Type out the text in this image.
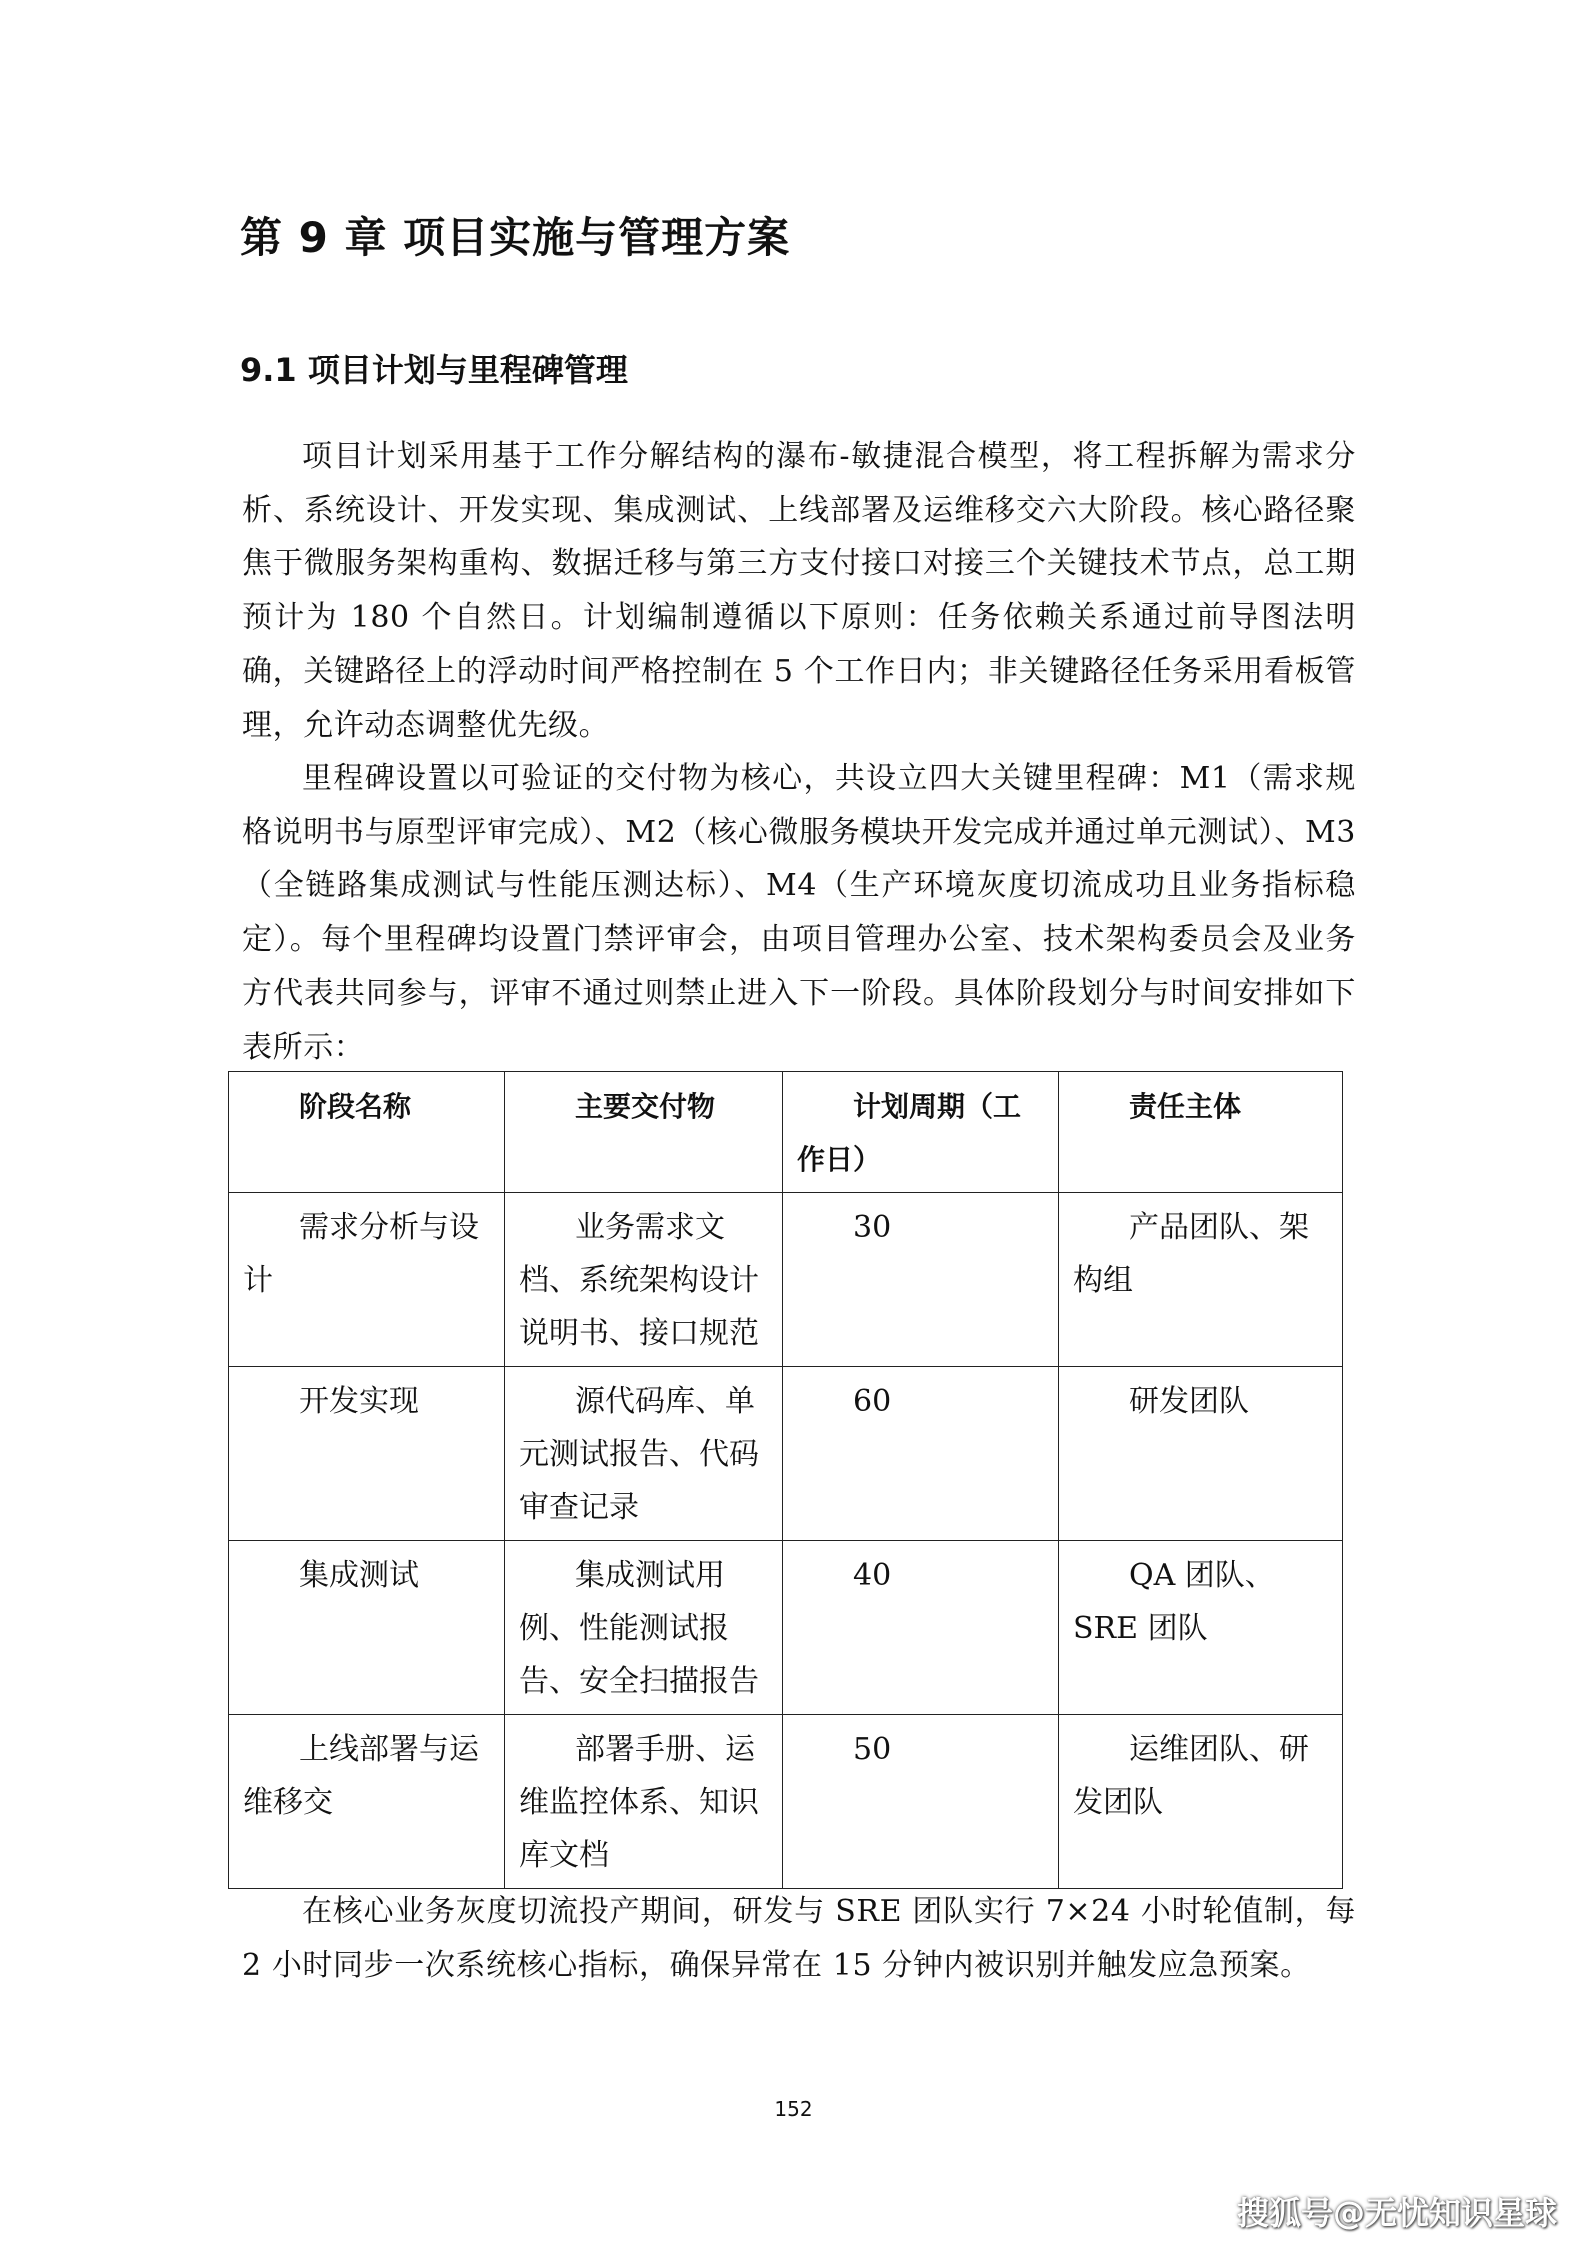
第 9 章 项目实施与管理方案
9.1 项目计划与里程碑管理

项目计划采用基于工作分解结构的瀑布-敏捷混合模型，将工程拆解为需求分析、系统设计、开发实现、集成测试、上线部署及运维移交六大阶段。核心路径聚焦于微服务架构重构、数据迁移与第三方支付接口对接三个关键技术节点，总工期预计为 180 个自然日。计划编制遵循以下原则：任务依赖关系通过前导图法明确，关键路径上的浮动时间严格控制在 5 个工作日内；非关键路径任务采用看板管理，允许动态调整优先级。

里程碑设置以可验证的交付物为核心，共设立四大关键里程碑：M1（需求规格说明书与原型评审完成）、M2（核心微服务模块开发完成并通过单元测试）、M3（全链路集成测试与性能压测达标）、M4（生产环境灰度切流成功且业务指标稳定）。每个里程碑均设置门禁评审会，由项目管理办公室、技术架构委员会及业务方代表共同参与，评审不通过则禁止进入下一阶段。具体阶段划分与时间安排如下表所示：

阶段名称	主要交付物	计划周期（工作日）	责任主体
需求分析与设计	业务需求文档、系统架构设计说明书、接口规范	30	产品团队、架构组
开发实现	源代码库、单元测试报告、代码审查记录	60	研发团队
集成测试	集成测试用例、性能测试报告、安全扫描报告	40	QA 团队、SRE 团队
上线部署与运维移交	部署手册、运维监控体系、知识库文档	50	运维团队、研发团队

在核心业务灰度切流投产期间，研发与 SRE 团队实行 7×24 小时轮值制，每 2 小时同步一次系统核心指标，确保异常在 15 分钟内被识别并触发应急预案。

152
搜狐号@无忧知识星球
